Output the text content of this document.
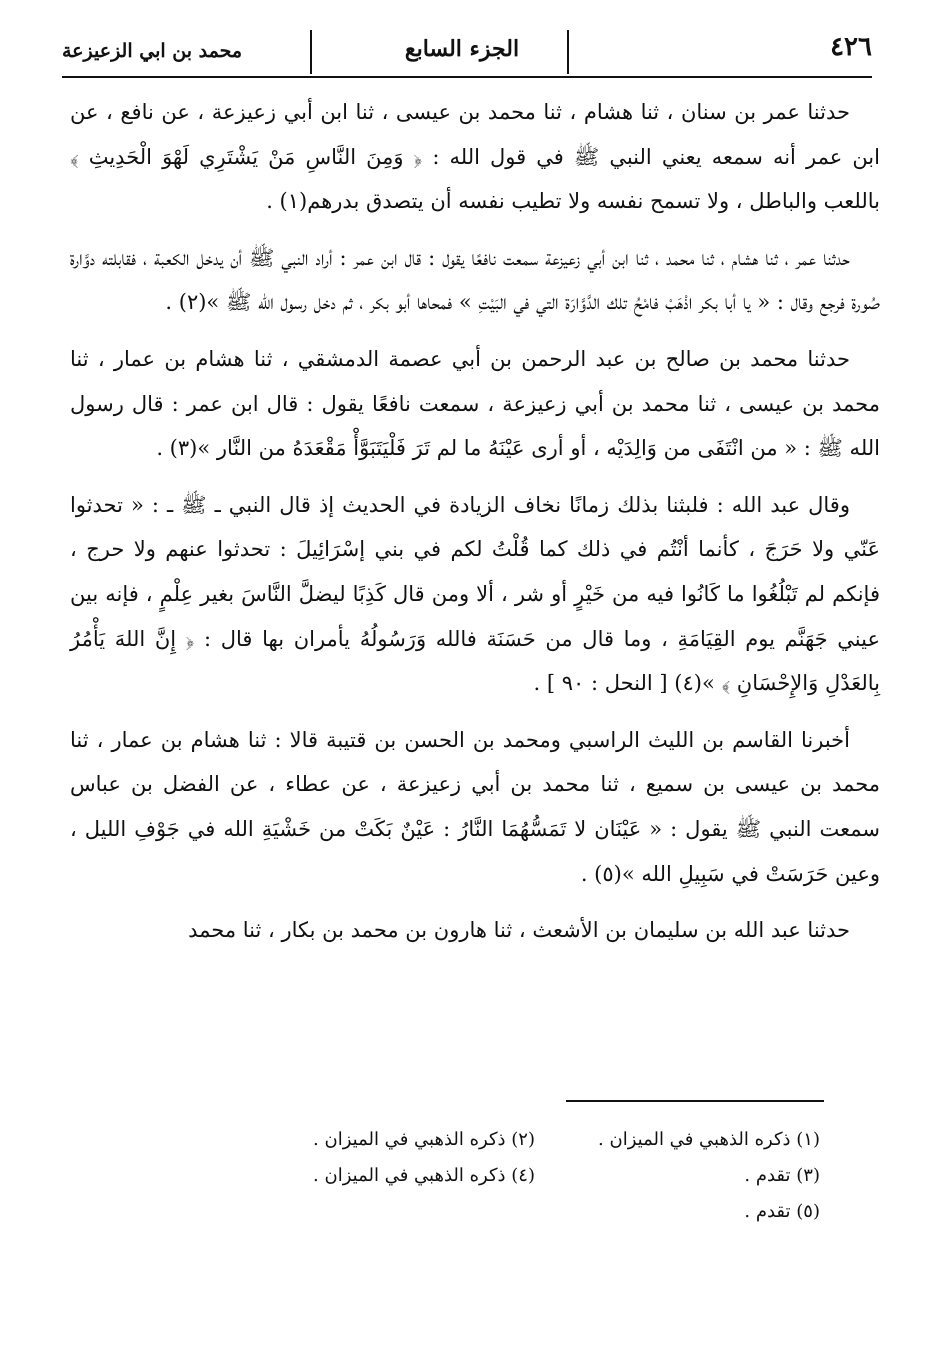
٤٢٦
الجزء السابع
محمد بن ابي الزعيزعة

حدثنا عمر بن سنان ، ثنا هشام ، ثنا محمد بن عيسى ، ثنا ابن أبي زعيزعة ، عن نافع ، عن ابن عمر أنه سمعه يعني النبي ﷺ في قول الله : ﴿ وَمِنَ النَّاسِ مَنْ يَشْتَرِي لَهْوَ الْحَدِيثِ ﴾ باللعب والباطل ، ولا تسمح نفسه ولا تطيب نفسه أن يتصدق بدرهم(١) .

حدثنا عمر ، ثنا هشام ، ثنا محمد ، ثنا ابن أبي زعيزعة سمعت نافعًا يقول : قال ابن عمر : أراد النبي ﷺ أن يدخل الكعبة ، فقابلته دوَّارة صُورة فرجع وقال : « يا أبا بكر اذْهَبْ فامْحُ تلك الدَّوَّارَة التي في البَيْتِ » فمحاها أبو بكر ، ثم دخل رسول الله ﷺ »(٢) .

حدثنا محمد بن صالح بن عبد الرحمن بن أبي عصمة الدمشقي ، ثنا هشام بن عمار ، ثنا محمد بن عيسى ، ثنا محمد بن أبي زعيزعة ، سمعت نافعًا يقول : قال ابن عمر : قال رسول الله ﷺ : « من انْتَفَى من وَالِدَيْه ، أو أرى عَيْنَهُ ما لم تَرَ فَلْيَتَبَوَّأْ مَقْعَدَهُ من النَّار »(٣) .

وقال عبد الله : فلبثنا بذلك زمانًا نخاف الزيادة في الحديث إذ قال النبي ـ ﷺ ـ : « تحدثوا عَنّي ولا حَرَجَ ، كأنما أنْتُم في ذلك كما قُلْتُ لكم في بني إسْرَائِيلَ : تحدثوا عنهم ولا حرج ، فإنكم لم تَبْلُغُوا ما كَانُوا فيه من خَيْرٍ أو شر ، ألا ومن قال كَذِبًا ليضلَّ النَّاسَ بغير عِلْمٍ ، فإنه بين عيني جَهَنَّم يوم القِيَامَةِ ، وما قال من حَسَنَة فالله وَرَسُولُهُ يأمران بها قال : ﴿ إِنَّ اللهَ يَأْمُرُ بِالعَدْلِ وَالإِحْسَانِ ﴾ »(٤) [ النحل : ٩٠ ] .

أخبرنا القاسم بن الليث الراسبي ومحمد بن الحسن بن قتيبة قالا : ثنا هشام بن عمار ، ثنا محمد بن عيسى بن سميع ، ثنا محمد بن أبي زعيزعة ، عن عطاء ، عن الفضل بن عباس سمعت النبي ﷺ يقول : « عَيْنَان لا تَمَسُّهُمَا النَّارُ : عَيْنٌ بَكَتْ من خَشْيَةِ الله في جَوْفِ الليل ، وعين حَرَسَتْ في سَبِيلِ الله »(٥) .

حدثنا عبد الله بن سليمان بن الأشعث ، ثنا هارون بن محمد بن بكار ، ثنا محمد

(١) ذكره الذهبي في الميزان .
(٢) ذكره الذهبي في الميزان .
(٣) تقدم .
(٤) ذكره الذهبي في الميزان .
(٥) تقدم .
